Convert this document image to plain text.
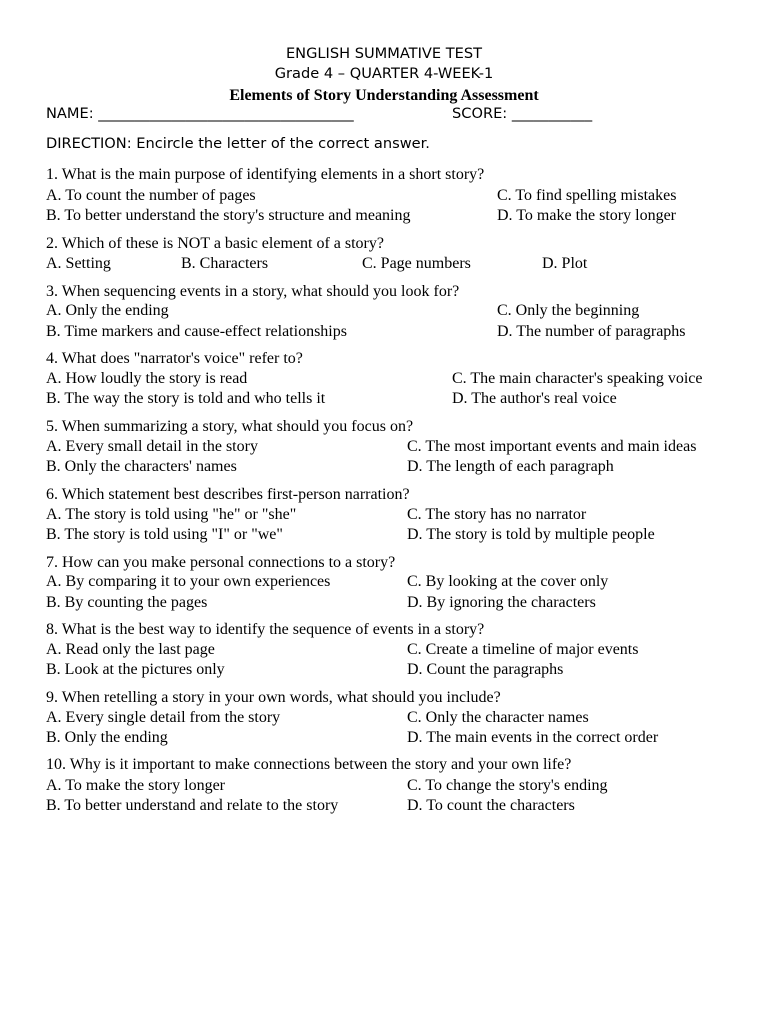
ENGLISH SUMMATIVE TEST
Grade 4 – QUARTER 4-WEEK-1
Elements of Story Understanding Assessment
NAME: ___________________________________	SCORE: ___________
DIRECTION: Encircle the letter of the correct answer.
1. What is the main purpose of identifying elements in a short story?
A. To count the number of pages	C. To find spelling mistakes
B. To better understand the story's structure and meaning	D. To make the story longer
2. Which of these is NOT a basic element of a story?
A. Setting	B. Characters	C. Page numbers	D. Plot
3. When sequencing events in a story, what should you look for?
A. Only the ending	C. Only the beginning
B. Time markers and cause-effect relationships	D. The number of paragraphs
4. What does "narrator's voice" refer to?
A. How loudly the story is read	C. The main character's speaking voice
B. The way the story is told and who tells it	D. The author's real voice
5. When summarizing a story, what should you focus on?
A. Every small detail in the story	C. The most important events and main ideas
B. Only the characters' names	D. The length of each paragraph
6. Which statement best describes first-person narration?
A. The story is told using "he" or "she"	C. The story has no narrator
B. The story is told using "I" or "we"	D. The story is told by multiple people
7. How can you make personal connections to a story?
A. By comparing it to your own experiences	C. By looking at the cover only
B. By counting the pages	D. By ignoring the characters
8. What is the best way to identify the sequence of events in a story?
A. Read only the last page	C. Create a timeline of major events
B. Look at the pictures only	D. Count the paragraphs
9. When retelling a story in your own words, what should you include?
A. Every single detail from the story	C. Only the character names
B. Only the ending	D. The main events in the correct order
10. Why is it important to make connections between the story and your own life?
A. To make the story longer	C. To change the story's ending
B. To better understand and relate to the story	D. To count the characters
